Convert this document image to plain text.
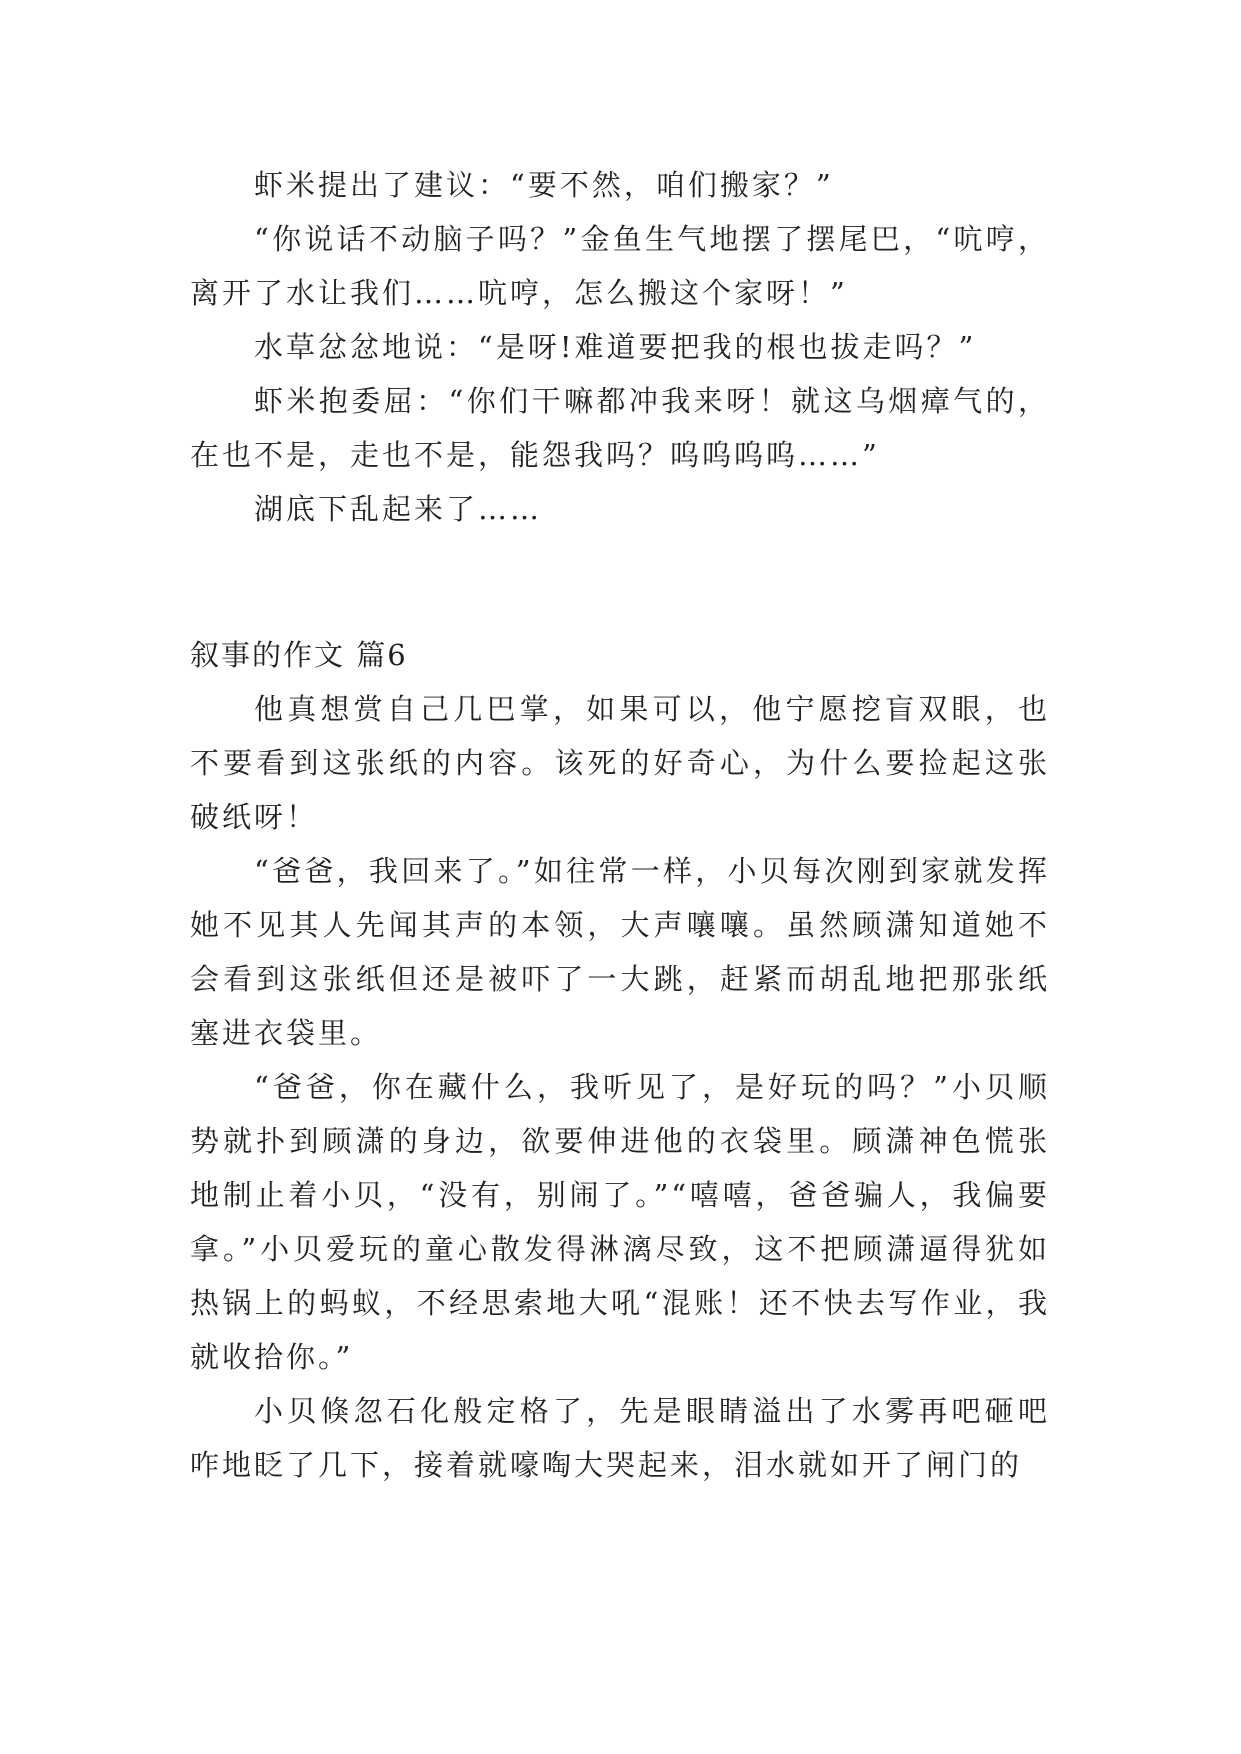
虾米提出了建议：“要不然，咱们搬家？”

“你说话不动脑子吗？”金鱼生气地摆了摆尾巴，“吭哼，离开了水让我们……吭哼，怎么搬这个家呀！”

水草忿忿地说：“是呀!难道要把我的根也拔走吗？”

虾米抱委屈：“你们干嘛都冲我来呀！就这乌烟瘴气的，在也不是，走也不是，能怨我吗？呜呜呜呜……”

湖底下乱起来了……

叙事的作文 篇6

他真想赏自己几巴掌，如果可以，他宁愿挖盲双眼，也不要看到这张纸的内容。该死的好奇心，为什么要捡起这张破纸呀！

“爸爸，我回来了。”如往常一样，小贝每次刚到家就发挥她不见其人先闻其声的本领，大声嚷嚷。虽然顾潇知道她不会看到这张纸但还是被吓了一大跳，赶紧而胡乱地把那张纸塞进衣袋里。

“爸爸，你在藏什么，我听见了，是好玩的吗？”小贝顺势就扑到顾潇的身边，欲要伸进他的衣袋里。顾潇神色慌张地制止着小贝，“没有，别闹了。”“嘻嘻，爸爸骗人，我偏要拿。”小贝爱玩的童心散发得淋漓尽致，这不把顾潇逼得犹如热锅上的蚂蚁，不经思索地大吼“混账！还不快去写作业，我就收拾你。”

小贝倏忽石化般定格了，先是眼睛溢出了水雾再吧砸吧咋地眨了几下，接着就嚎啕大哭起来，泪水就如开了闸门的
